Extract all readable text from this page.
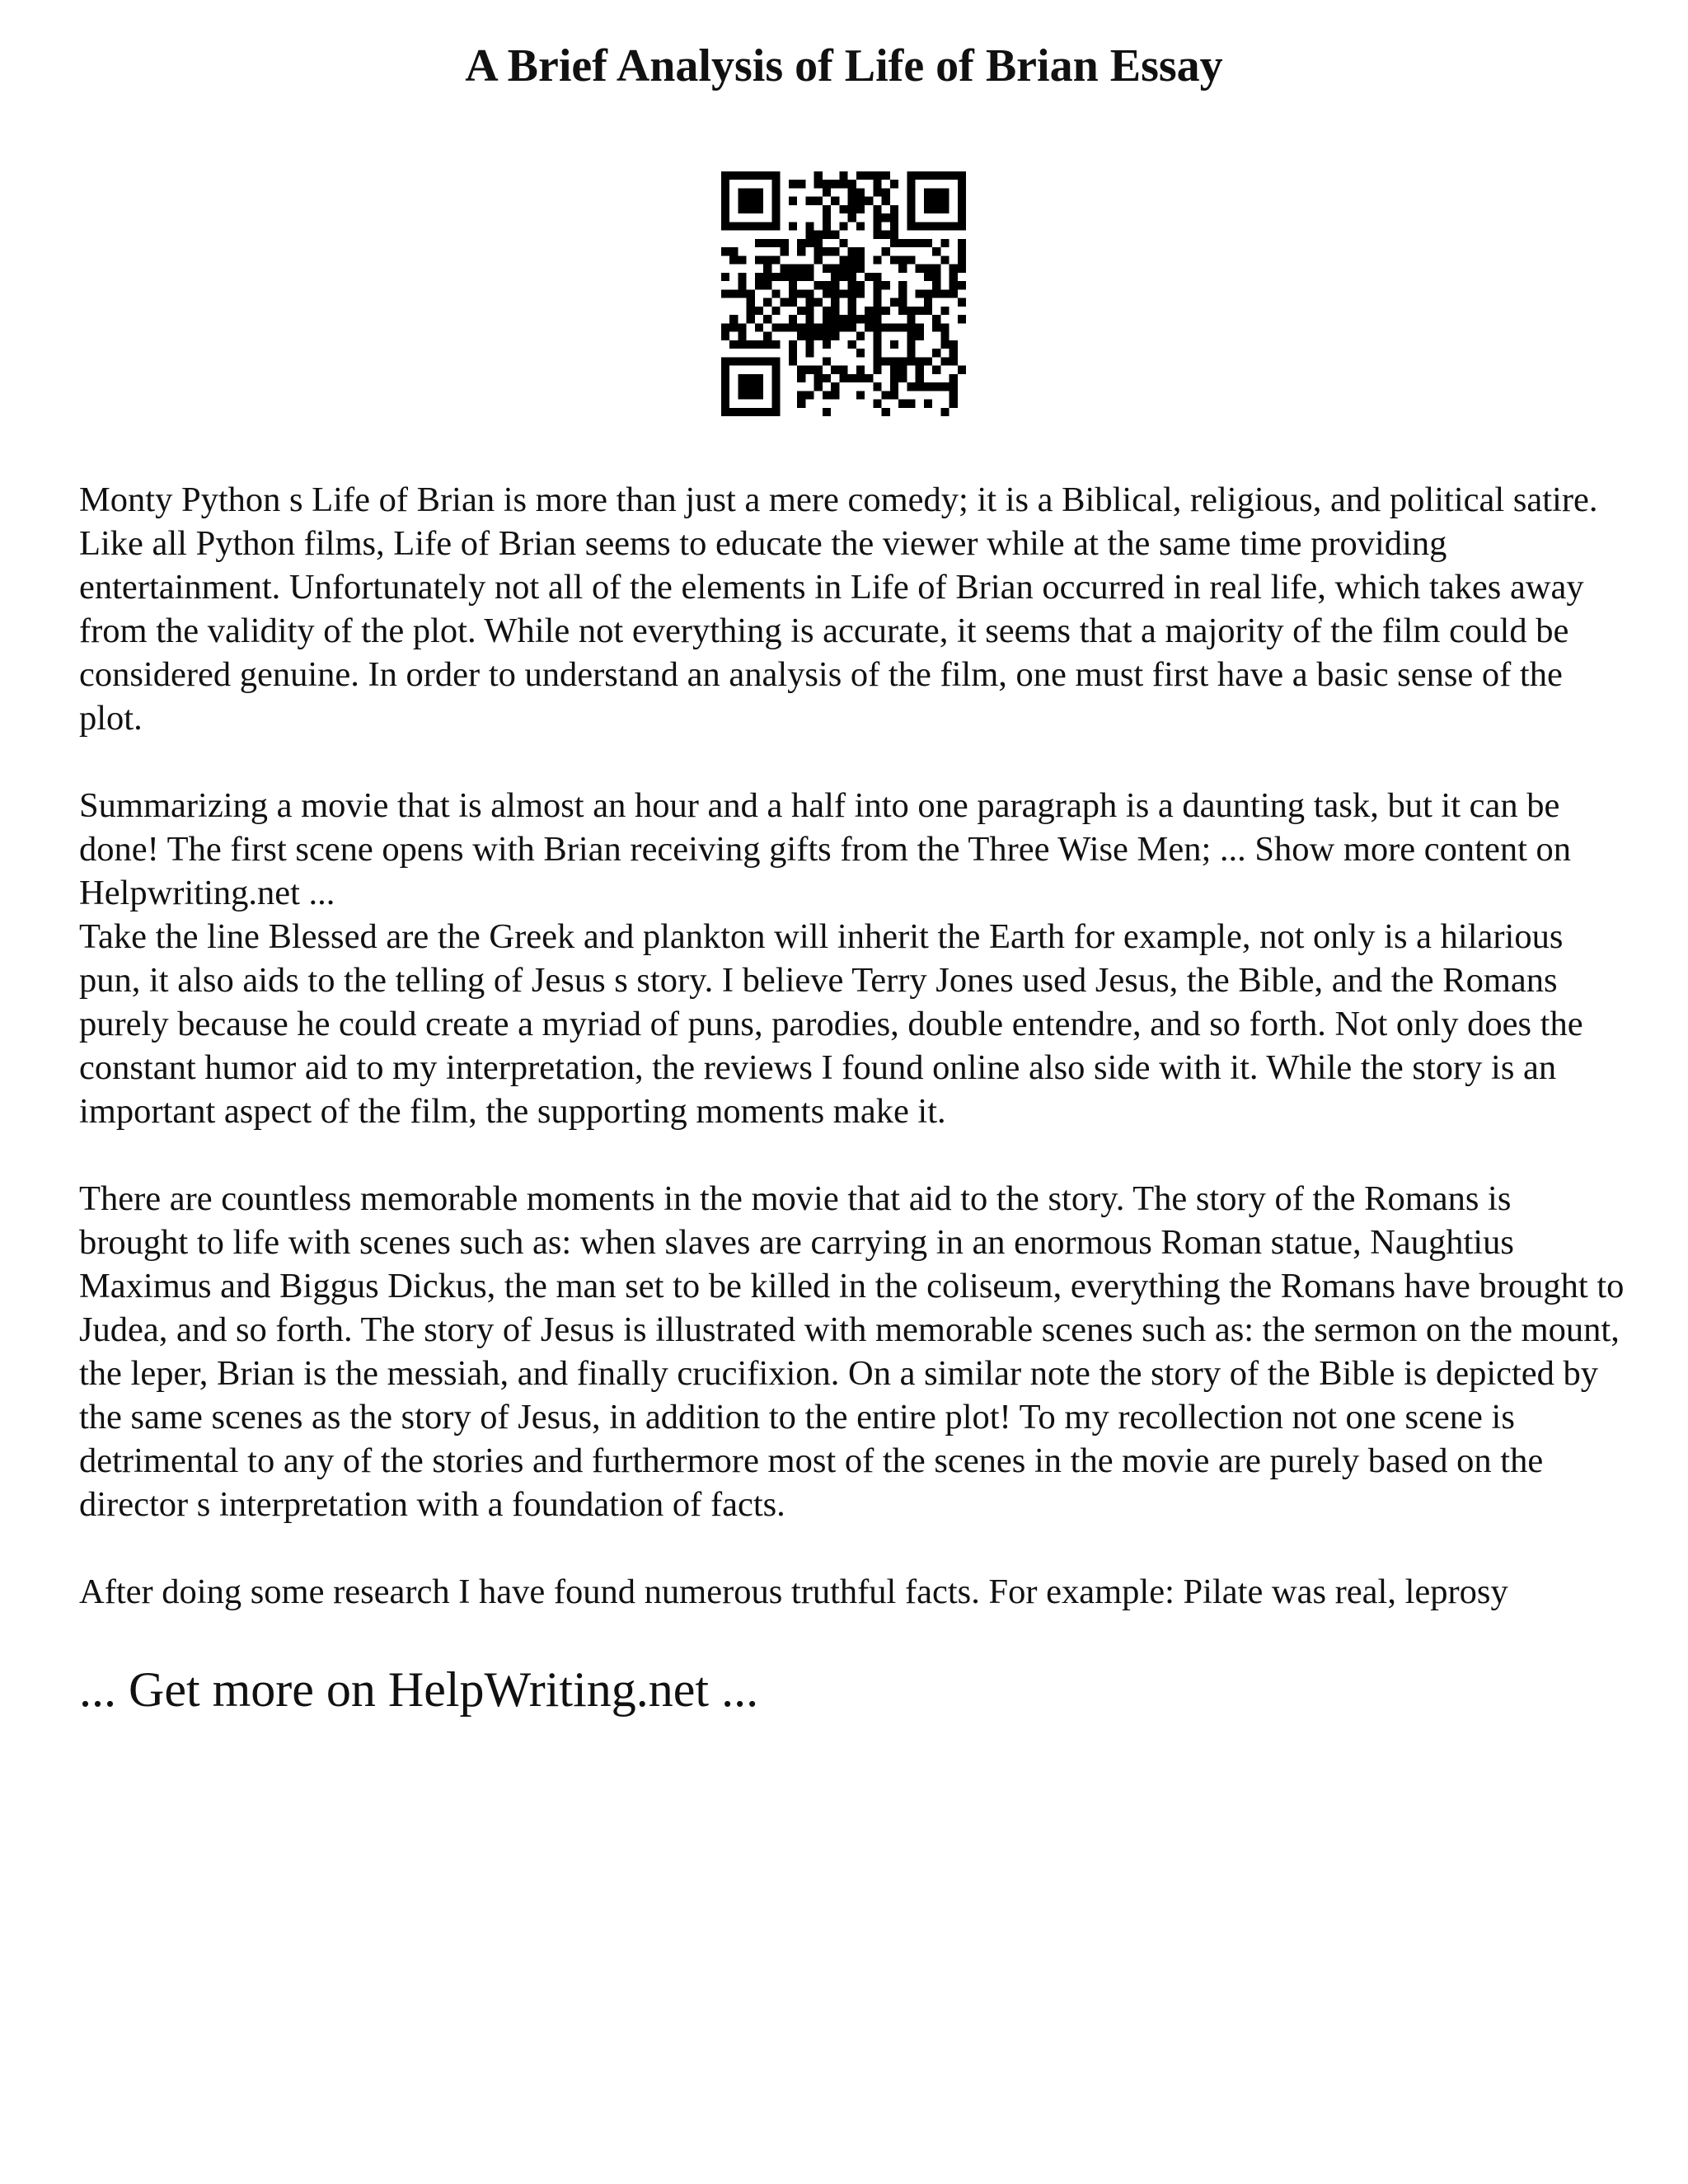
A Brief Analysis of Life of Brian Essay

Monty Python s Life of Brian is more than just a mere comedy; it is a Biblical, religious, and political satire. Like all Python films, Life of Brian seems to educate the viewer while at the same time providing entertainment. Unfortunately not all of the elements in Life of Brian occurred in real life, which takes away from the validity of the plot. While not everything is accurate, it seems that a majority of the film could be considered genuine. In order to understand an analysis of the film, one must first have a basic sense of the plot.

Summarizing a movie that is almost an hour and a half into one paragraph is a daunting task, but it can be done! The first scene opens with Brian receiving gifts from the Three Wise Men; ... Show more content on Helpwriting.net ...

Take the line Blessed are the Greek and plankton will inherit the Earth for example, not only is a hilarious pun, it also aids to the telling of Jesus s story. I believe Terry Jones used Jesus, the Bible, and the Romans purely because he could create a myriad of puns, parodies, double entendre, and so forth. Not only does the constant humor aid to my interpretation, the reviews I found online also side with it. While the story is an important aspect of the film, the supporting moments make it.

There are countless memorable moments in the movie that aid to the story. The story of the Romans is brought to life with scenes such as: when slaves are carrying in an enormous Roman statue, Naughtius Maximus and Biggus Dickus, the man set to be killed in the coliseum, everything the Romans have brought to Judea, and so forth. The story of Jesus is illustrated with memorable scenes such as: the sermon on the mount, the leper, Brian is the messiah, and finally crucifixion. On a similar note the story of the Bible is depicted by the same scenes as the story of Jesus, in addition to the entire plot! To my recollection not one scene is detrimental to any of the stories and furthermore most of the scenes in the movie are purely based on the director s interpretation with a foundation of facts.

After doing some research I have found numerous truthful facts. For example: Pilate was real, leprosy

... Get more on HelpWriting.net ...
